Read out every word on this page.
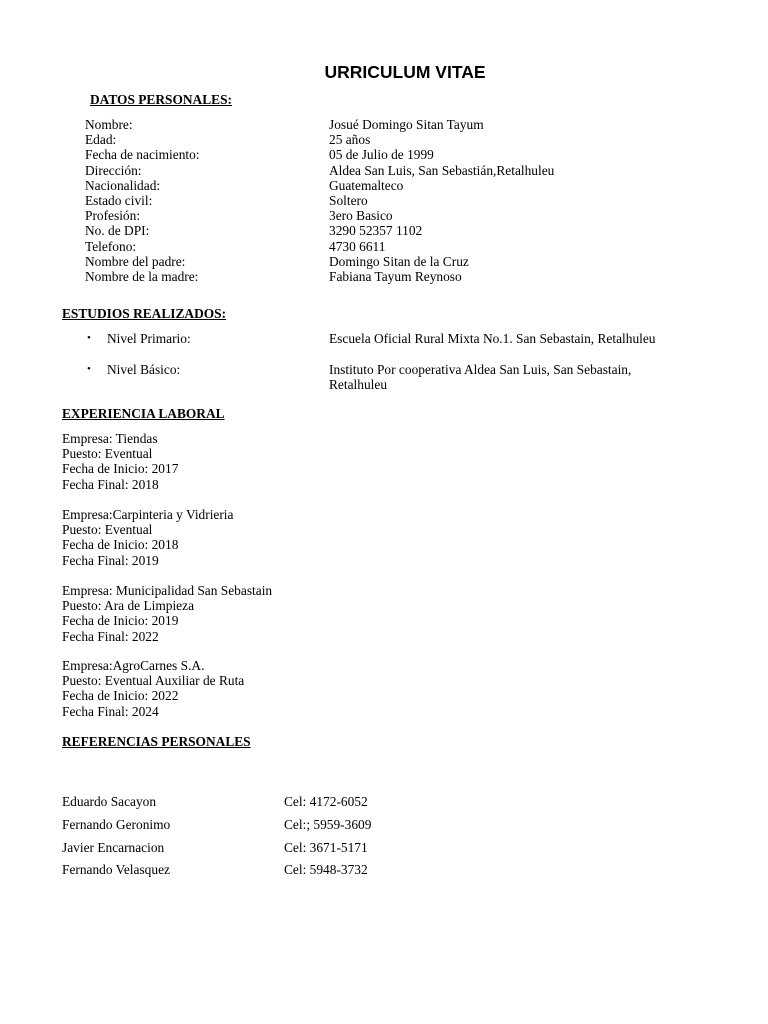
URRICULUM VITAE
DATOS PERSONALES:
Nombre:	Josué Domingo Sitan Tayum
Edad:	25 años
Fecha de nacimiento:	05 de Julio de 1999
Dirección:	Aldea San Luis, San Sebastián,Retalhuleu
Nacionalidad:	Guatemalteco
Estado civil:	Soltero
Profesión:	3ero Basico
No. de DPI:	3290 52357 1102
Telefono:	4730 6611
Nombre del padre:	Domingo Sitan de la Cruz
Nombre de la madre:	Fabiana Tayum Reynoso
ESTUDIOS REALIZADOS:
• Nivel Primario:	Escuela Oficial Rural Mixta No.1. San Sebastain, Retalhuleu
• Nivel Básico:	Instituto Por cooperativa Aldea San Luis, San Sebastain,
Retalhuleu
EXPERIENCIA LABORAL
Empresa: Tiendas
Puesto: Eventual
Fecha de Inicio: 2017
Fecha Final: 2018
Empresa:Carpinteria y Vidrieria
Puesto: Eventual
Fecha de Inicio: 2018
Fecha Final: 2019
Empresa: Municipalidad San Sebastain
Puesto: Ara de Limpieza
Fecha de Inicio: 2019
Fecha Final: 2022
Empresa:AgroCarnes S.A.
Puesto: Eventual Auxiliar de Ruta
Fecha de Inicio: 2022
Fecha Final: 2024
REFERENCIAS PERSONALES
Eduardo Sacayon	Cel: 4172-6052
Fernando Geronimo	Cel:; 5959-3609
Javier Encarnacion	Cel: 3671-5171
Fernando Velasquez	Cel: 5948-3732
